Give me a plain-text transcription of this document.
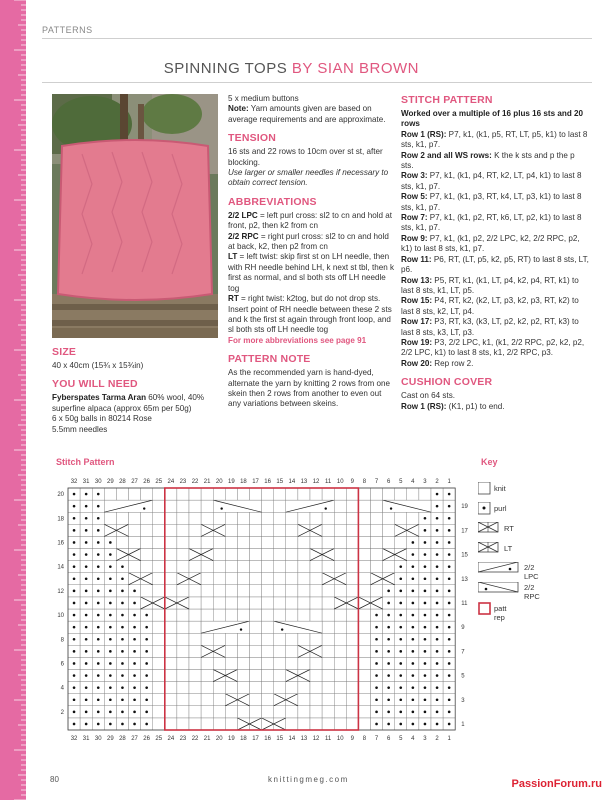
PATTERNS
SPINNING TOPS BY SIAN BROWN
SIZE

40 x 40cm (15¾ x 15¾in)

YOU WILL NEED

Fyberspates Tarma Aran 60% wool, 40% superfine alpaca (approx 65m per 50g)

6 x 50g balls in 80214 Rose

5.5mm needles

5 x medium buttons

Note: Yarn amounts given are based on average requirements and are approximate.

TENSION

16 sts and 22 rows to 10cm over st st, after blocking.

Use larger or smaller needles if necessary to obtain correct tension.

ABBREVIATIONS

2/2 LPC = left purl cross: sl2 to cn and hold at front, p2, then k2 from cn

2/2 RPC = right purl cross: sl2 to cn and hold at back, k2, then p2 from cn

LT = left twist: skip first st on LH needle, then with RH needle behind LH, k next st tbl, then k first as normal, and sl both sts off LH needle tog

RT = right twist: k2tog, but do not drop sts. Insert point of RH needle between these 2 sts and k the first st again through front loop, and sl both sts off LH needle tog

For more abbreviations see page 91

PATTERN NOTE

As the recommended yarn is hand-dyed, alternate the yarn by knitting 2 rows from one skein then 2 rows from another to even out any variations between skeins.

STITCH PATTERN

Worked over a multiple of 16 plus 16 sts and 20 rows

Row 1 (RS): P7, k1, (k1, p5, RT, LT, p5, k1) to last 8 sts, k1, p7.

Row 2 and all WS rows: K the k sts and p the p sts.

Row 3: P7, k1, (k1, p4, RT, k2, LT, p4, k1) to last 8 sts, k1, p7.

Row 5: P7, k1, (k1, p3, RT, k4, LT, p3, k1) to last 8 sts, k1, p7.

Row 7: P7, k1, (k1, p2, RT, k6, LT, p2, k1) to last 8 sts, k1, p7.

Row 9: P7, k1, (k1, p2, 2/2 LPC, k2, 2/2 RPC, p2, k1) to last 8 sts, k1, p7.

Row 11: P6, RT, (LT, p5, k2, p5, RT) to last 8 sts, LT, p6.

Row 13: P5, RT, k1, (k1, LT, p4, k2, p4, RT, k1) to last 8 sts, k1, LT, p5.

Row 15: P4, RT, k2, (k2, LT, p3, k2, p3, RT, k2) to last 8 sts, k2, LT, p4.

Row 17: P3, RT, k3, (k3, LT, p2, k2, p2, RT, k3) to last 8 sts, k3, LT, p3.

Row 19: P3, 2/2 LPC, k1, (k1, 2/2 RPC, p2, k2, p2, 2/2 LPC, k1) to last 8 sts, k1, 2/2 RPC, p3.

Row 20: Rep row 2.

CUSHION COVER

Cast on 64 sts.

Row 1 (RS): (K1, p1) to end.

Stitch Pattern	Key
32
32
31
31
30
30
29
29
28
28
27
27
26
26
25
25
24
24
23
23
22
22
21
21
20
20
19
19
18
18
17
17
16
16
15
15
14
14
13
13
12
12
11
11
10
10
9
9
8
8
7
7
6
6
5
5
4
4
3
3
2
2
1
1
20
18
16
14
12
10
8
6
4
2
19
17
15
13
11
9
7
5
3
1
knit
purl
RT
LT
2/2 LPC
2/2 RPC
patt rep
80	knittingmeg.com	PassionForum.ru
